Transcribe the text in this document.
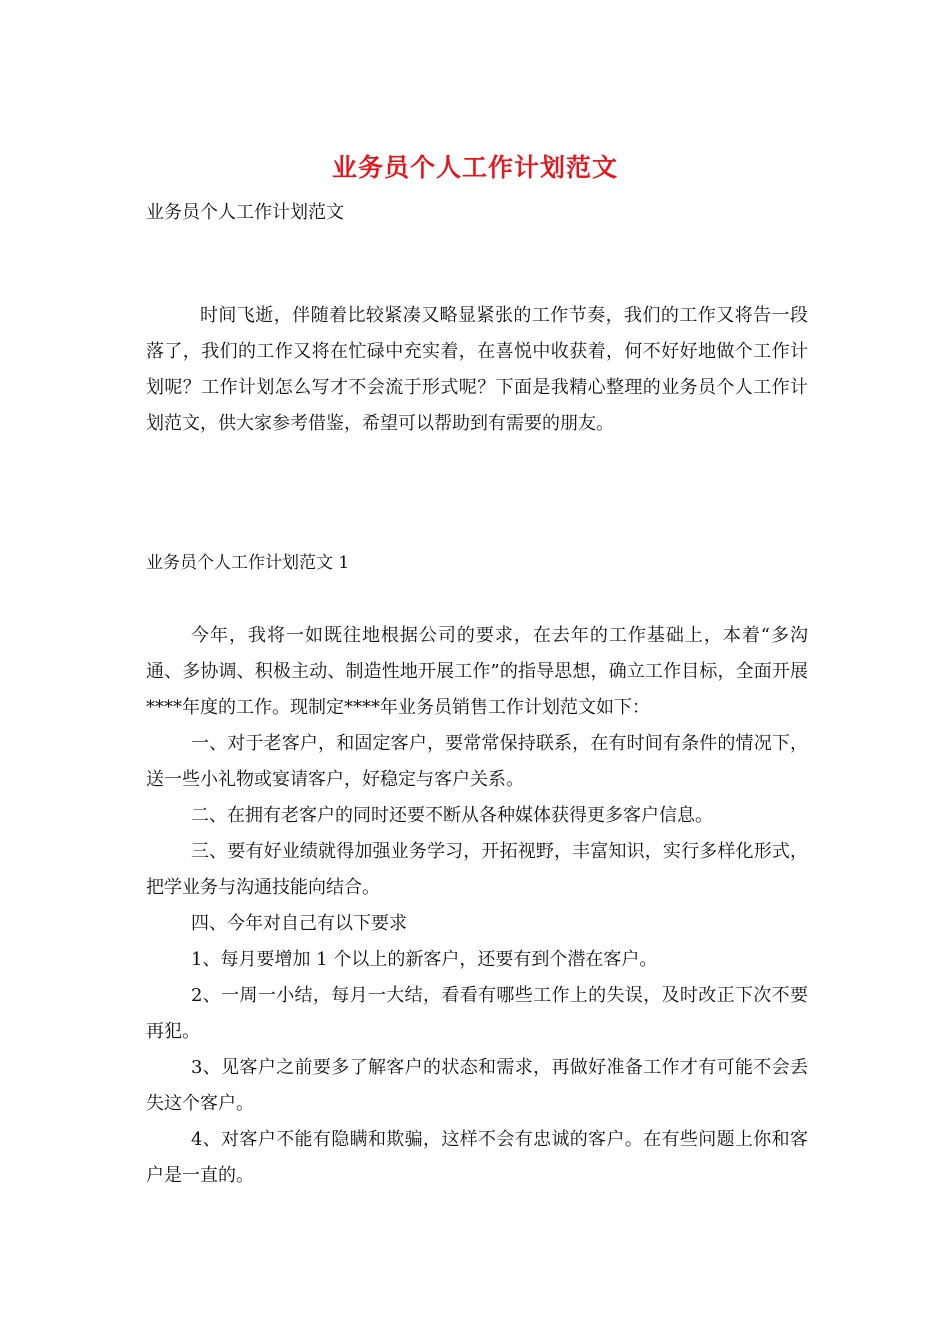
业务员个人工作计划范文
业务员个人工作计划范文
时间飞逝，伴随着比较紧凑又略显紧张的工作节奏，我们的工作又将告一段落了，我们的工作又将在忙碌中充实着，在喜悦中收获着，何不好好地做个工作计划呢？工作计划怎么写才不会流于形式呢？下面是我精心整理的业务员个人工作计划范文，供大家参考借鉴，希望可以帮助到有需要的朋友。
业务员个人工作计划范文 1

今年，我将一如既往地根据公司的要求，在去年的工作基础上，本着“多沟通、多协调、积极主动、制造性地开展工作”的指导思想，确立工作目标，全面开展****年度的工作。现制定****年业务员销售工作计划范文如下：

一、对于老客户，和固定客户，要常常保持联系，在有时间有条件的情况下，送一些小礼物或宴请客户，好稳定与客户关系。

二、在拥有老客户的同时还要不断从各种媒体获得更多客户信息。

三、要有好业绩就得加强业务学习，开拓视野，丰富知识，实行多样化形式，把学业务与沟通技能向结合。

四、今年对自己有以下要求

1、每月要增加 1 个以上的新客户，还要有到个潜在客户。

2、一周一小结，每月一大结，看看有哪些工作上的失误，及时改正下次不要再犯。

3、见客户之前要多了解客户的状态和需求，再做好准备工作才有可能不会丢失这个客户。

4、对客户不能有隐瞒和欺骗，这样不会有忠诚的客户。在有些问题上你和客户是一直的。
